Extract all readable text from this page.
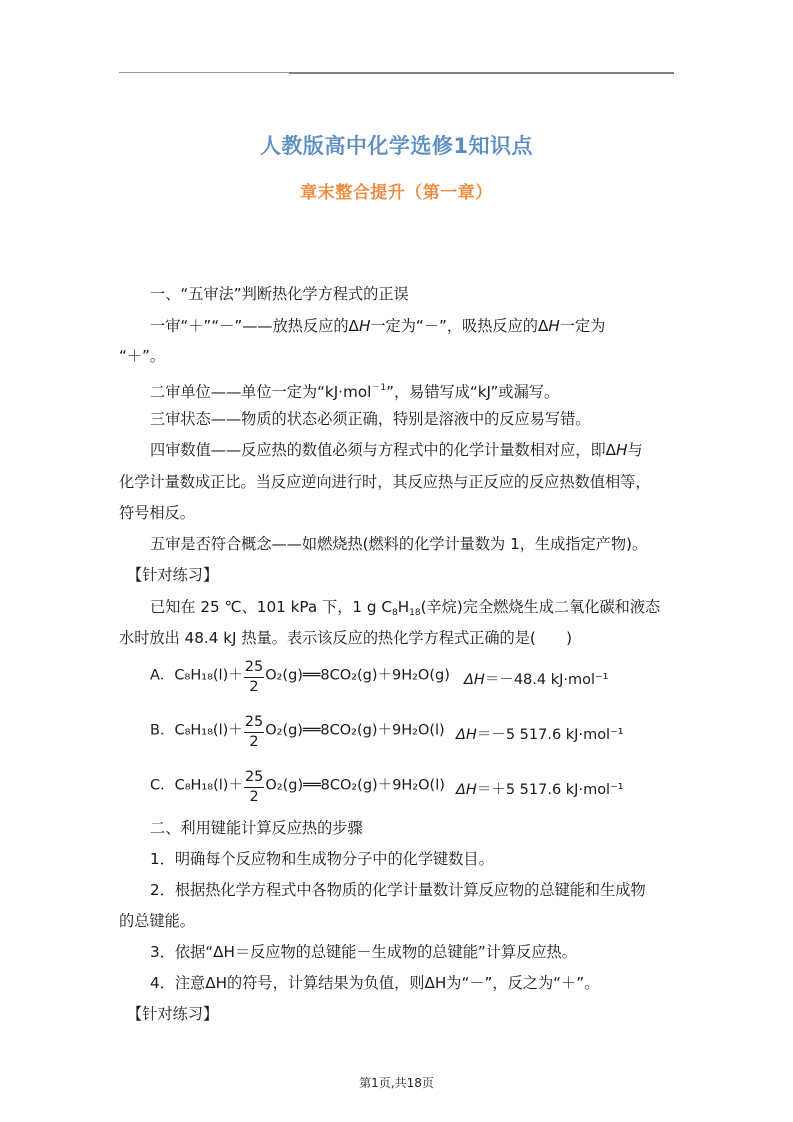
人教版高中化学选修1知识点
章末整合提升（第一章）
一、“五审法”判断热化学方程式的正误
一审“＋”“－”——放热反应的ΔH一定为“－”，吸热反应的ΔH一定为
“＋”。
二审单位——单位一定为“kJ·mol$^{-1}$”，易错写成“kJ”或漏写。
三审状态——物质的状态必须正确，特别是溶液中的反应易写错。
四审数值——反应热的数值必须与方程式中的化学计量数相对应，即ΔH与
化学计量数成正比。当反应逆向进行时，其反应热与正反应的反应热数值相等，
符号相反。
五审是否符合概念——如燃烧热(燃料的化学计量数为 1，生成指定产物)。
【针对练习】
已知在 25 ℃、101 kPa 下，1 g $C_8H_{18}$(辛烷)完全燃烧生成二氧化碳和液态
水时放出 48.4 kJ 热量。表示该反应的热化学方程式正确的是(　　)
A．$C_8H_{18}(l)+ \frac{25}{2}$ O₂(g)══8CO₂(g)＋9H₂O(g) ΔH＝－48.4 kJ·mol⁻¹
B．$C_8H_{18}(l)+ \frac{25}{2}$ O₂(g)══8CO₂(g)＋9H₂O(l) ΔH＝－5 517.6 kJ·mol⁻¹
C．$C_8H_{18}(l)+ \frac{25}{2}$ O₂(g)══8CO₂(g)＋9H₂O(l) ΔH＝＋5 517.6 kJ·mol⁻¹
二、利用键能计算反应热的步骤
1．明确每个反应物和生成物分子中的化学键数目。
2．根据热化学方程式中各物质的化学计量数计算反应物的总键能和生成物
的总键能。
3．依据“ΔH＝反应物的总键能－生成物的总键能”计算反应热。
4．注意ΔH的符号，计算结果为负值，则ΔH为“－”，反之为“＋”。
【针对练习】
第1页,共18页
